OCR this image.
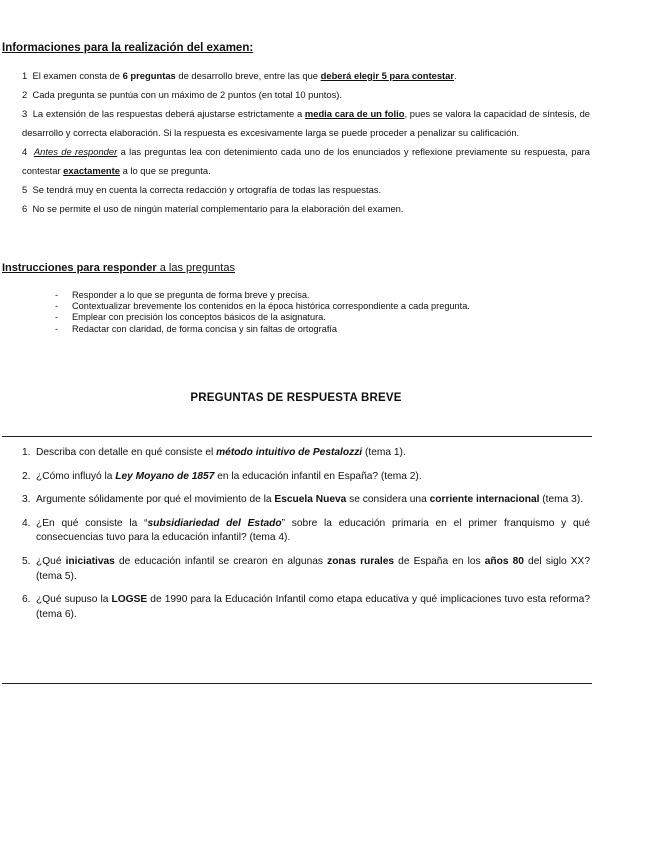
Informaciones para la realización del examen:
1 El examen consta de 6 preguntas de desarrollo breve, entre las que deberá elegir 5 para contestar.
2 Cada pregunta se puntúa con un máximo de 2 puntos (en total 10 puntos).
3 La extensión de las respuestas deberá ajustarse estrictamente a media cara de un folio, pues se valora la capacidad de síntesis, de desarrollo y correcta elaboración. Si la respuesta es excesivamente larga se puede proceder a penalizar su calificación.
4 Antes de responder a las preguntas lea con detenimiento cada uno de los enunciados y reflexione previamente su respuesta, para contestar exactamente a lo que se pregunta.
5 Se tendrá muy en cuenta la correcta redacción y ortografía de todas las respuestas.
6 No se permite el uso de ningún material complementario para la elaboración del examen.
Instrucciones para responder a las preguntas
- Responder a lo que se pregunta de forma breve y precisa.
- Contextualizar brevemente los contenidos en la época histórica correspondiente a cada pregunta.
- Emplear con precisión los conceptos básicos de la asignatura.
- Redactar con claridad, de forma concisa y sin faltas de ortografía
PREGUNTAS DE RESPUESTA BREVE
1. Describa con detalle en qué consiste el método intuitivo de Pestalozzi (tema 1).
2. ¿Cómo influyó la Ley Moyano de 1857 en la educación infantil en España? (tema 2).
3. Argumente sólidamente por qué el movimiento de la Escuela Nueva se considera una corriente internacional (tema 3).
4. ¿En qué consiste la “subsidiariedad del Estado” sobre la educación primaria en el primer franquismo y qué consecuencias tuvo para la educación infantil? (tema 4).
5. ¿Qué iniciativas de educación infantil se crearon en algunas zonas rurales de España en los años 80 del siglo XX? (tema 5).
6. ¿Qué supuso la LOGSE de 1990 para la Educación Infantil como etapa educativa y qué implicaciones tuvo esta reforma? (tema 6).
